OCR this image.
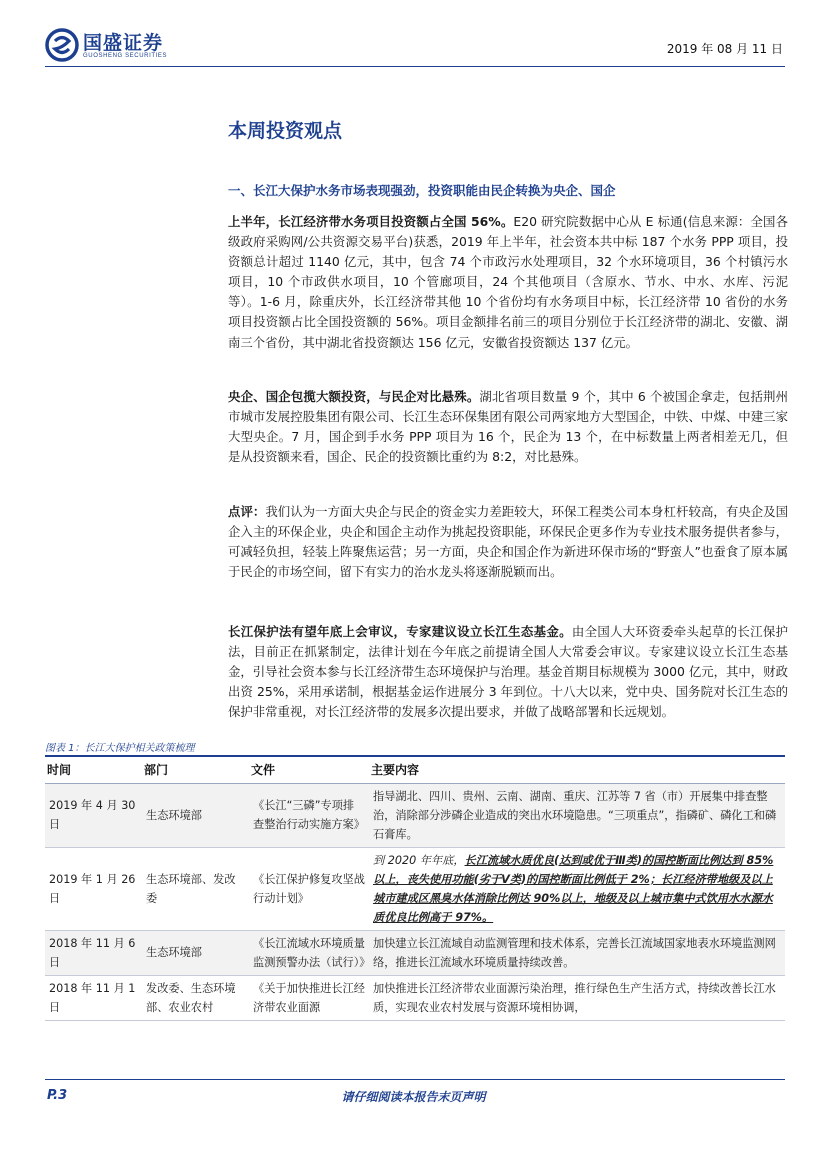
国盛证券
GUOSHENG SECURITIES	2019 年 08 月 11 日
本周投资观点
一、长江大保护水务市场表现强劲，投资职能由民企转换为央企、国企

上半年，长江经济带水务项目投资额占全国 56%。E20 研究院数据中心从 E 标通(信息来源：全国各级政府采购网/公共资源交易平台)获悉，2019 年上半年，社会资本共中标 187 个水务 PPP 项目，投资额总计超过 1140 亿元，其中，包含 74 个市政污水处理项目，32 个水环境项目，36 个村镇污水项目，10 个市政供水项目，10 个管廊项目，24 个其他项目（含原水、节水、中水、水库、污泥等）。1-6 月，除重庆外，长江经济带其他 10 个省份均有水务项目中标，长江经济带 10 省份的水务项目投资额占比全国投资额的 56%。项目金额排名前三的项目分别位于长江经济带的湖北、安徽、湖南三个省份，其中湖北省投资额达 156 亿元，安徽省投资额达 137 亿元。

央企、国企包揽大额投资，与民企对比悬殊。湖北省项目数量 9 个，其中 6 个被国企拿走，包括荆州市城市发展控股集团有限公司、长江生态环保集团有限公司两家地方大型国企，中铁、中煤、中建三家大型央企。7 月，国企到手水务 PPP 项目为 16 个，民企为 13 个，在中标数量上两者相差无几，但是从投资额来看，国企、民企的投资额比重约为 8:2，对比悬殊。

点评：我们认为一方面大央企与民企的资金实力差距较大，环保工程类公司本身杠杆较高，有央企及国企入主的环保企业，央企和国企主动作为挑起投资职能，环保民企更多作为专业技术服务提供者参与，可减轻负担，轻装上阵聚焦运营；另一方面，央企和国企作为新进环保市场的“野蛮人”也蚕食了原本属于民企的市场空间，留下有实力的治水龙头将逐渐脱颖而出。

长江保护法有望年底上会审议，专家建议设立长江生态基金。由全国人大环资委牵头起草的长江保护法，目前正在抓紧制定，法律计划在今年底之前提请全国人大常委会审议。专家建议设立长江生态基金，引导社会资本参与长江经济带生态环境保护与治理。基金首期目标规模为 3000 亿元，其中，财政出资 25%，采用承诺制，根据基金运作进展分 3 年到位。十八大以来，党中央、国务院对长江生态的保护非常重视，对长江经济带的发展多次提出要求，并做了战略部署和长远规划。

图表 1：长江大保护相关政策梳理
时间	部门	文件	主要内容
2019 年 4 月 30 日	生态环境部	《长江“三磷”专项排查整治行动实施方案》	指导湖北、四川、贵州、云南、湖南、重庆、江苏等 7 省（市）开展集中排查整治，消除部分涉磷企业造成的突出水环境隐患。“三项重点”，指磷矿、磷化工和磷石膏库。
2019 年 1 月 26 日	生态环境部、发改委	《长江保护修复攻坚战行动计划》	到 2020 年年底，长江流域水质优良(达到或优于Ⅲ类)的国控断面比例达到 85%以上，丧失使用功能(劣于Ⅴ类)的国控断面比例低于 2%；长江经济带地级及以上城市建成区黑臭水体消除比例达 90%以上，地级及以上城市集中式饮用水水源水质优良比例高于 97%。
2018 年 11 月 6 日	生态环境部	《长江流域水环境质量监测预警办法（试行）》	加快建立长江流域自动监测管理和技术体系，完善长江流域国家地表水环境监测网络，推进长江流域水环境质量持续改善。
2018 年 11 月 1 日	发改委、生态环境部、农业农村	《关于加快推进长江经济带农业面源	加快推进长江经济带农业面源污染治理，推行绿色生产生活方式，持续改善长江水质，实现农业农村发展与资源环境相协调，
P.3	请仔细阅读本报告末页声明
